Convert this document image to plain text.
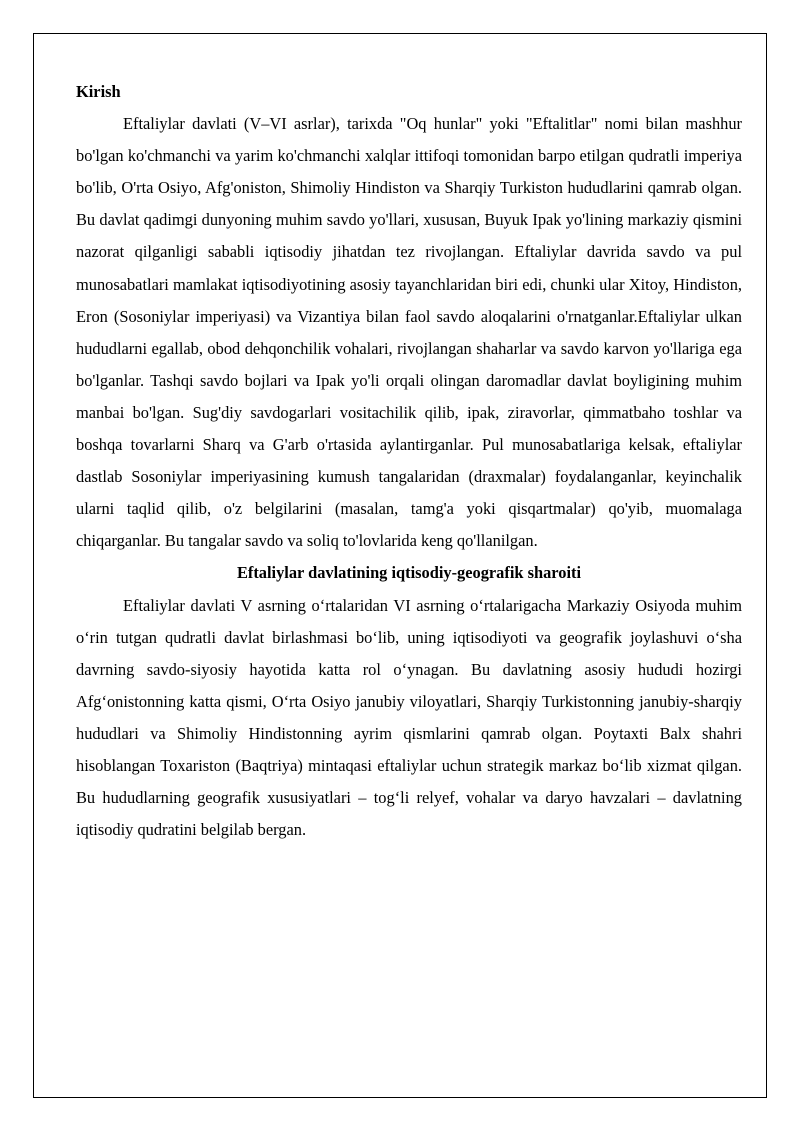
Kirish

Eftaliylar davlati (V–VI asrlar), tarixda "Oq hunlar" yoki "Eftalitlar" nomi bilan mashhur bo'lgan ko'chmanchi va yarim ko'chmanchi xalqlar ittifoqi tomonidan barpo etilgan qudratli imperiya bo'lib, O'rta Osiyo, Afg'oniston, Shimoliy Hindiston va Sharqiy Turkiston hududlarini qamrab olgan. Bu davlat qadimgi dunyoning muhim savdo yo'llari, xususan, Buyuk Ipak yo'lining markaziy qismini nazorat qilganligi sababli iqtisodiy jihatdan tez rivojlangan. Eftaliylar davrida savdo va pul munosabatlari mamlakat iqtisodiyotining asosiy tayanchlaridan biri edi, chunki ular Xitoy, Hindiston, Eron (Sosoniylar imperiyasi) va Vizantiya bilan faol savdo aloqalarini o'rnatganlar.Eftaliylar ulkan hududlarni egallab, obod dehqonchilik vohalari, rivojlangan shaharlar va savdo karvon yo'llariga ega bo'lganlar. Tashqi savdo bojlari va Ipak yo'li orqali olingan daromadlar davlat boyligining muhim manbai bo'lgan. Sug'diy savdogarlari vositachilik qilib, ipak, ziravorlar, qimmatbaho toshlar va boshqa tovarlarni Sharq va G'arb o'rtasida aylantirganlar. Pul munosabatlariga kelsak, eftaliylar dastlab Sosoniylar imperiyasining kumush tangalaridan (draxmalar) foydalanganlar, keyinchalik ularni taqlid qilib, o'z belgilarini (masalan, tamg'a yoki qisqartmalar) qo'yib, muomalaga chiqarganlar. Bu tangalar savdo va soliq to'lovlarida keng qo'llanilgan.

Eftaliylar davlatining iqtisodiy-geografik sharoiti

Eftaliylar davlati V asrning o‘rtalaridan VI asrning o‘rtalarigacha Markaziy Osiyoda muhim o‘rin tutgan qudratli davlat birlashmasi bo‘lib, uning iqtisodiyoti va geografik joylashuvi o‘sha davrning savdo-siyosiy hayotida katta rol o‘ynagan. Bu davlatning asosiy hududi hozirgi Afg‘onistonning katta qismi, O‘rta Osiyo janubiy viloyatlari, Sharqiy Turkistonning janubiy-sharqiy hududlari va Shimoliy Hindistonning ayrim qismlarini qamrab olgan. Poytaxti Balx shahri hisoblangan Toxariston (Baqtriya) mintaqasi eftaliylar uchun strategik markaz bo‘lib xizmat qilgan. Bu hududlarning geografik xususiyatlari – tog‘li relyef, vohalar va daryo havzalari – davlatning iqtisodiy qudratini belgilab bergan.
